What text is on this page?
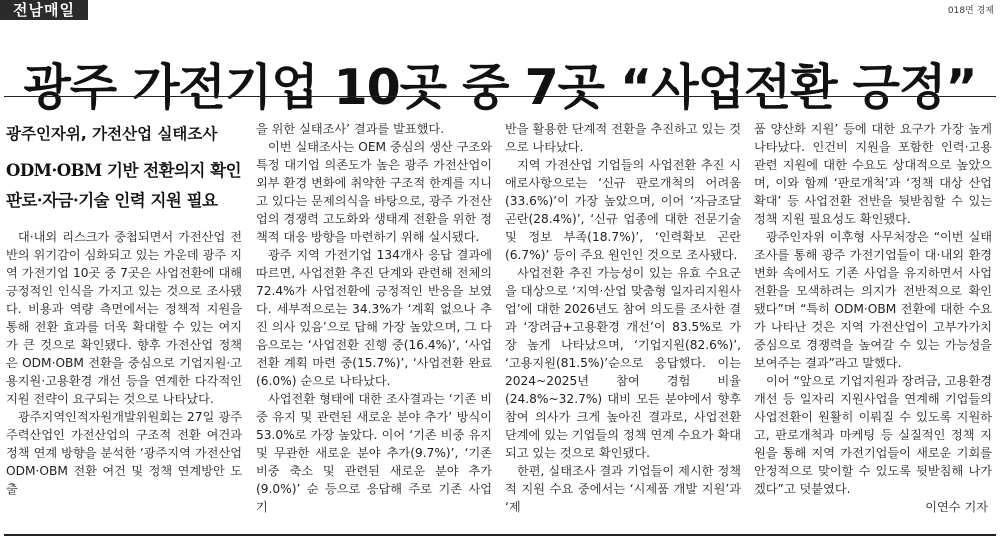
전남매일	018면 경제
광주 가전기업 10곳 중 7곳 “사업전환 긍정”
광주인자위, 가전산업 실태조사
ODM·OBM 기반 전환의지 확인
판로·자금·기술 인력 지원 필요

대·내외 리스크가 중첩되면서 가전산업 전반의 위기감이 심화되고 있는 가운데 광주 지역 가전기업 10곳 중 7곳은 사업전환에 대해 긍정적인 인식을 가지고 있는 것으로 조사됐다. 비용과 역량 측면에서는 정책적 지원을 통해 전환 효과를 더욱 확대할 수 있는 여지가 큰 것으로 확인됐다. 향후 가전산업 정책은 ODM·OBM 전환을 중심으로 기업지원·고용지원·고용환경 개선 등을 연계한 다각적인 지원 전략이 요구되는 것으로 나타났다.

광주지역인적자원개발위원회는 27일 광주 주력산업인 가전산업의 구조적 전환 여건과 정책 연계 방향을 분석한 ‘광주지역 가전산업 ODM·OBM 전환 여건 및 정책 연계방안 도출

을 위한 실태조사’ 결과를 발표했다.

이번 실태조사는 OEM 중심의 생산 구조와 특정 대기업 의존도가 높은 광주 가전산업이 외부 환경 변화에 취약한 구조적 한계를 지니고 있다는 문제의식을 바탕으로, 광주 가전산업의 경쟁력 고도화와 생태계 전환을 위한 정책적 대응 방향을 마련하기 위해 실시됐다.

광주 지역 가전기업 134개사 응답 결과에 따르면, 사업전환 추진 단계와 관련해 전체의 72.4%가 사업전환에 긍정적인 반응을 보였다. 세부적으로는 34.3%가 ‘계획 없으나 추진 의사 있음’으로 답해 가장 높았으며, 그 다음으로는 ‘사업전환 진행 중(16.4%)’, ‘사업전환 계획 마련 중(15.7%)’, ‘사업전환 완료(6.0%) 순으로 나타났다.

사업전환 형태에 대한 조사결과는 ‘기존 비중 유지 및 관련된 새로운 분야 추가’ 방식이 53.0%로 가장 높았다. 이어 ‘기존 비중 유지 및 무관한 새로운 분야 추가(9.7%)’, ‘기존 비중 축소 및 관련된 새로운 분야 추가(9.0%)’ 순 등으로 응답해 주로 기존 사업 기

반을 활용한 단계적 전환을 추진하고 있는 것으로 나타났다.

지역 가전산업 기업들의 사업전환 추진 시 애로사항으로는 ‘신규 판로개척의 어려움(33.6%)’이 가장 높았으며, 이어 ‘자금조달 곤란(28.4%)’, ‘신규 업종에 대한 전문기술 및 정보 부족(18.7%)’, ‘인력확보 곤란(6.7%)’ 등이 주요 원인인 것으로 조사됐다.

사업전환 추진 가능성이 있는 유효 수요군을 대상으로 ‘지역·산업 맞춤형 일자리지원사업’에 대한 2026년도 참여 의도를 조사한 결과 ‘장려금+고용환경 개선’이 83.5%로 가장 높게 나타났으며, ‘기업지원(82.6%)’, ‘고용지원(81.5%)’순으로 응답했다. 이는 2024~2025년 참여 경험 비율(24.8%~32.7%) 대비 모든 분야에서 향후 참여 의사가 크게 높아진 결과로, 사업전환 단계에 있는 기업들의 정책 연계 수요가 확대되고 있는 것으로 확인됐다.

한편, 실태조사 결과 기업들이 제시한 정책적 지원 수요 중에서는 ‘시제품 개발 지원’과 ‘제

품 양산화 지원’ 등에 대한 요구가 가장 높게 나타났다. 인건비 지원을 포함한 인력·고용 관련 지원에 대한 수요도 상대적으로 높았으며, 이와 함께 ‘판로개척’과 ‘정책 대상 산업 확대’ 등 사업전환 전반을 뒷받침할 수 있는 정책 지원 필요성도 확인됐다.

광주인자위 이후형 사무처장은 “이번 실태조사를 통해 광주 가전기업들이 대·내외 환경 변화 속에서도 기존 사업을 유지하면서 사업전환을 모색하려는 의지가 전반적으로 확인됐다”며 “특히 ODM·OBM 전환에 대한 수요가 나타난 것은 지역 가전산업이 고부가가치 중심으로 경쟁력을 높여갈 수 있는 가능성을 보여주는 결과”라고 말했다.

이어 “앞으로 기업지원과 장려금, 고용환경 개선 등 일자리 지원사업을 연계해 기업들의 사업전환이 원활히 이뤄질 수 있도록 지원하고, 판로개척과 마케팅 등 실질적인 정책 지원을 통해 지역 가전기업들이 새로운 기회를 안정적으로 맞이할 수 있도록 뒷받침해 나가겠다”고 덧붙였다.

이연수 기자
